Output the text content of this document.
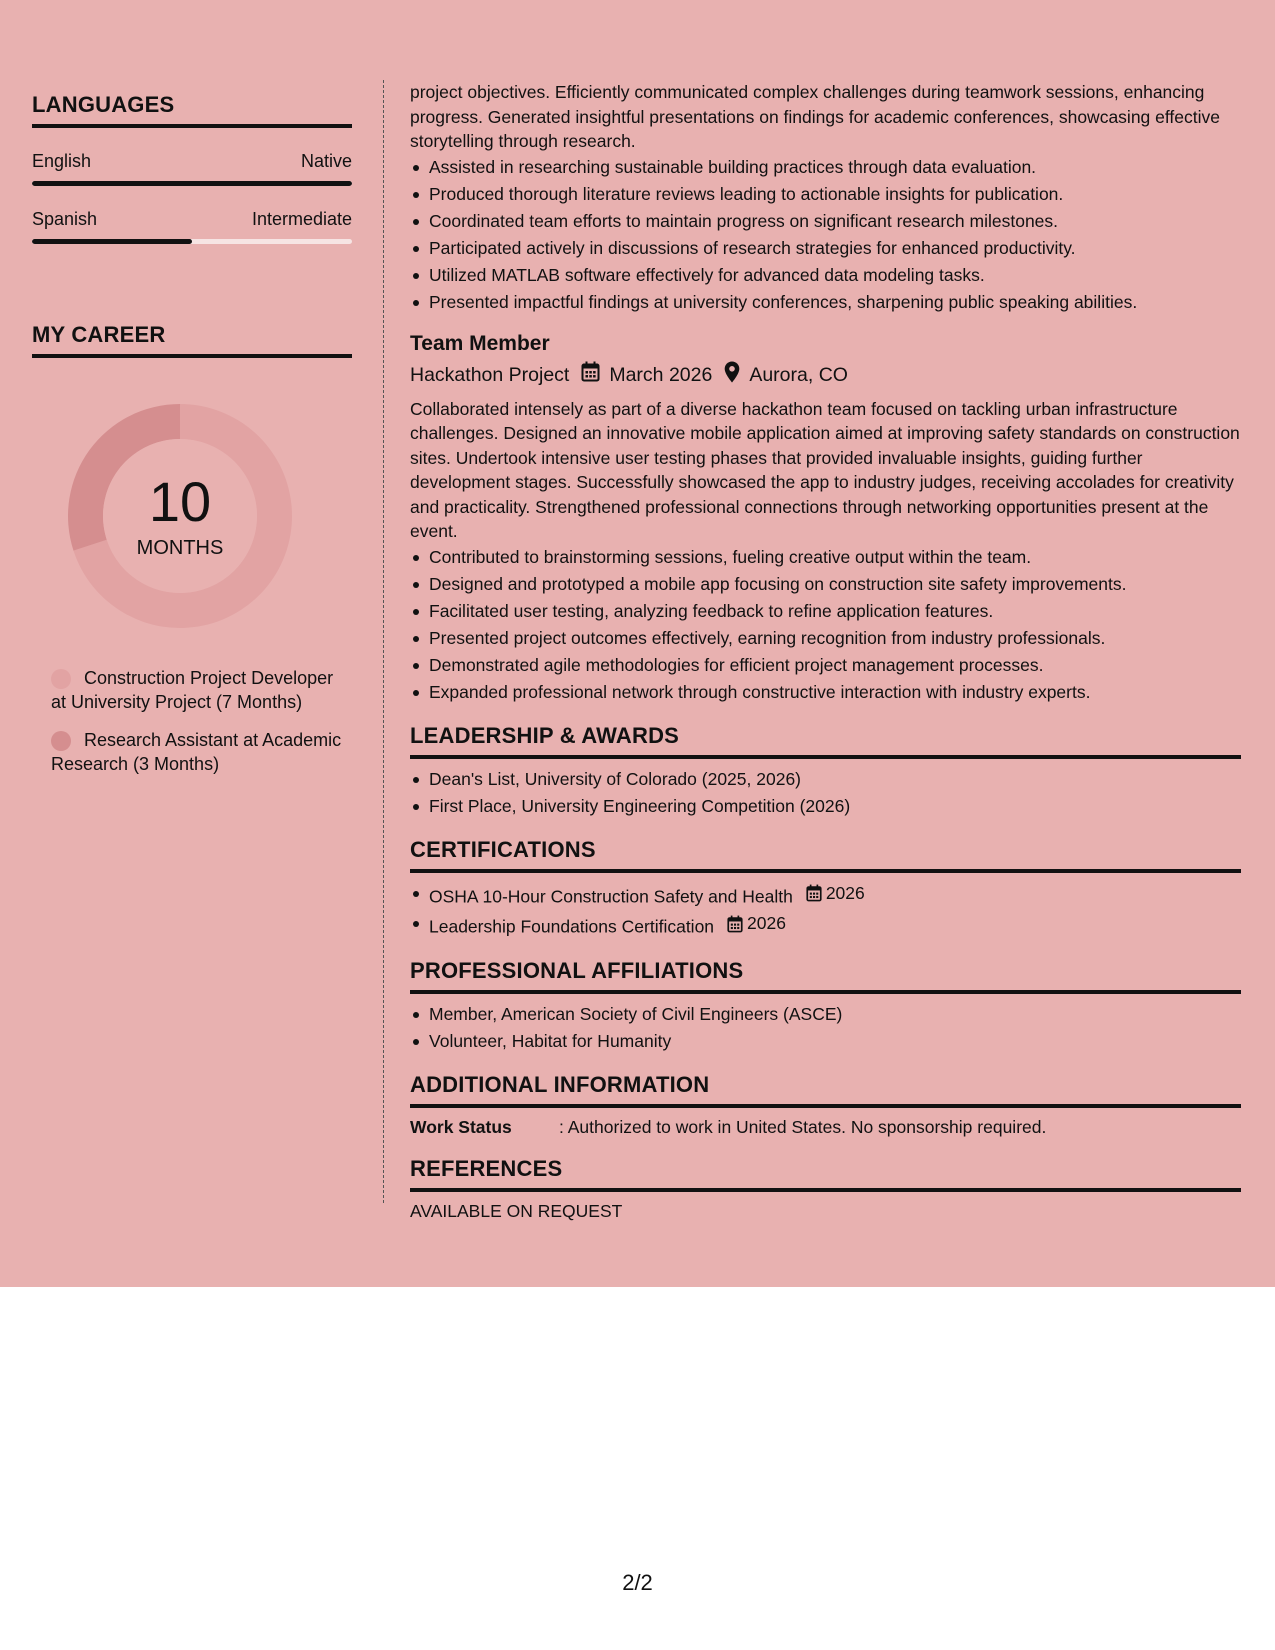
LANGUAGES
English	Native
Spanish	Intermediate
MY CAREER
10
MONTHS
Construction Project Developer at University Project (7 Months)
Research Assistant at Academic Research (3 Months)

project objectives. Efficiently communicated complex challenges during teamwork sessions, enhancing progress. Generated insightful presentations on findings for academic conferences, showcasing effective storytelling through research.

Assisted in researching sustainable building practices through data evaluation.
Produced thorough literature reviews leading to actionable insights for publication.
Coordinated team efforts to maintain progress on significant research milestones.
Participated actively in discussions of research strategies for enhanced productivity.
Utilized MATLAB software effectively for advanced data modeling tasks.
Presented impactful findings at university conferences, sharpening public speaking abilities.
Team Member
Hackathon Project March 2026 Aurora, CO

Collaborated intensely as part of a diverse hackathon team focused on tackling urban infrastructure challenges. Designed an innovative mobile application aimed at improving safety standards on construction sites. Undertook intensive user testing phases that provided invaluable insights, guiding further development stages. Successfully showcased the app to industry judges, receiving accolades for creativity and practicality. Strengthened professional connections through networking opportunities present at the event.

Contributed to brainstorming sessions, fueling creative output within the team.
Designed and prototyped a mobile app focusing on construction site safety improvements.
Facilitated user testing, analyzing feedback to refine application features.
Presented project outcomes effectively, earning recognition from industry professionals.
Demonstrated agile methodologies for efficient project management processes.
Expanded professional network through constructive interaction with industry experts.
LEADERSHIP & AWARDS
Dean's List, University of Colorado (2025, 2026)
First Place, University Engineering Competition (2026)
CERTIFICATIONS
OSHA 10-Hour Construction Safety and Health 2026
Leadership Foundations Certification 2026
PROFESSIONAL AFFILIATIONS
Member, American Society of Civil Engineers (ASCE)
Volunteer, Habitat for Humanity
ADDITIONAL INFORMATION
Work Status	: Authorized to work in United States. No sponsorship required.
REFERENCES
AVAILABLE ON REQUEST
2/2
